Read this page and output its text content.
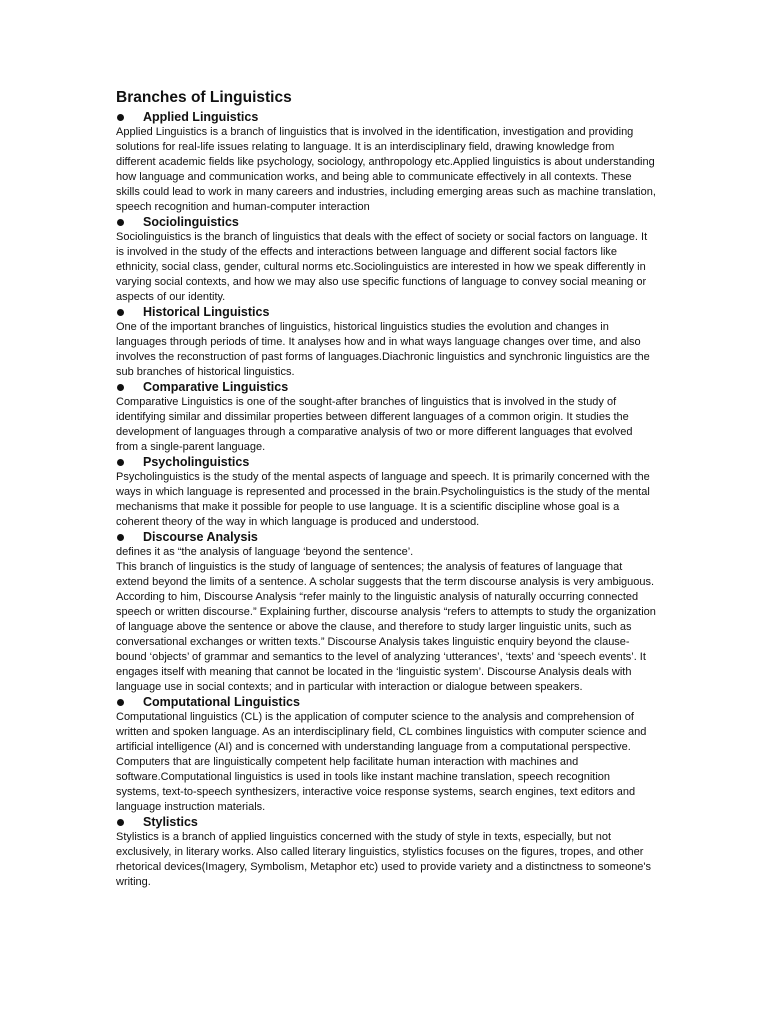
Branches of Linguistics
Applied Linguistics

Applied Linguistics is a branch of linguistics that is involved in the identification, investigation and providing solutions for real-life issues relating to language. It is an interdisciplinary field, drawing knowledge from different academic fields like psychology, sociology, anthropology etc.Applied linguistics is about understanding how language and communication works, and being able to communicate effectively in all contexts. These skills could lead to work in many careers and industries, including emerging areas such as machine translation, speech recognition and human-computer interaction

Sociolinguistics

Sociolinguistics is the branch of linguistics that deals with the effect of society or social factors on language. It is involved in the study of the effects and interactions between language and different social factors like ethnicity, social class, gender, cultural norms etc.Sociolinguistics are interested in how we speak differently in varying social contexts, and how we may also use specific functions of language to convey social meaning or aspects of our identity.

Historical Linguistics

One of the important branches of linguistics, historical linguistics studies the evolution and changes in languages through periods of time. It analyses how and in what ways language changes over time, and also involves the reconstruction of past forms of languages.Diachronic linguistics and synchronic linguistics are the sub branches of historical linguistics.

Comparative Linguistics

Comparative Linguistics is one of the sought-after branches of linguistics that is involved in the study of identifying similar and dissimilar properties between different languages of a common origin. It studies the development of languages through a comparative analysis of two or more different languages that evolved from a single-parent language.

Psycholinguistics

Psycholinguistics is the study of the mental aspects of language and speech. It is primarily concerned with the ways in which language is represented and processed in the brain.Psycholinguistics is the study of the mental mechanisms that make it possible for people to use language. It is a scientific discipline whose goal is a coherent theory of the way in which language is produced and understood.

Discourse Analysis

defines it as “the analysis of language ‘beyond the sentence’.

This branch of linguistics is the study of language of sentences; the analysis of features of language that extend beyond the limits of a sentence. A scholar suggests that the term discourse analysis is very ambiguous. According to him, Discourse Analysis “refer mainly to the linguistic analysis of naturally occurring connected speech or written discourse.” Explaining further, discourse analysis “refers to attempts to study the organization of language above the sentence or above the clause, and therefore to study larger linguistic units, such as conversational exchanges or written texts.” Discourse Analysis takes linguistic enquiry beyond the clause-bound ‘objects’ of grammar and semantics to the level of analyzing ‘utterances’, ‘texts’ and ‘speech events’. It engages itself with meaning that cannot be located in the ‘linguistic system’. Discourse Analysis deals with language use in social contexts; and in particular with interaction or dialogue between speakers.

Computational Linguistics

Computational linguistics (CL) is the application of computer science to the analysis and comprehension of written and spoken language. As an interdisciplinary field, CL combines linguistics with computer science and artificial intelligence (AI) and is concerned with understanding language from a computational perspective. Computers that are linguistically competent help facilitate human interaction with machines and software.Computational linguistics is used in tools like instant machine translation, speech recognition systems, text-to-speech synthesizers, interactive voice response systems, search engines, text editors and language instruction materials.

Stylistics

Stylistics is a branch of applied linguistics concerned with the study of style in texts, especially, but not exclusively, in literary works. Also called literary linguistics, stylistics focuses on the figures, tropes, and other rhetorical devices(Imagery, Symbolism, Metaphor etc) used to provide variety and a distinctness to someone's writing.
